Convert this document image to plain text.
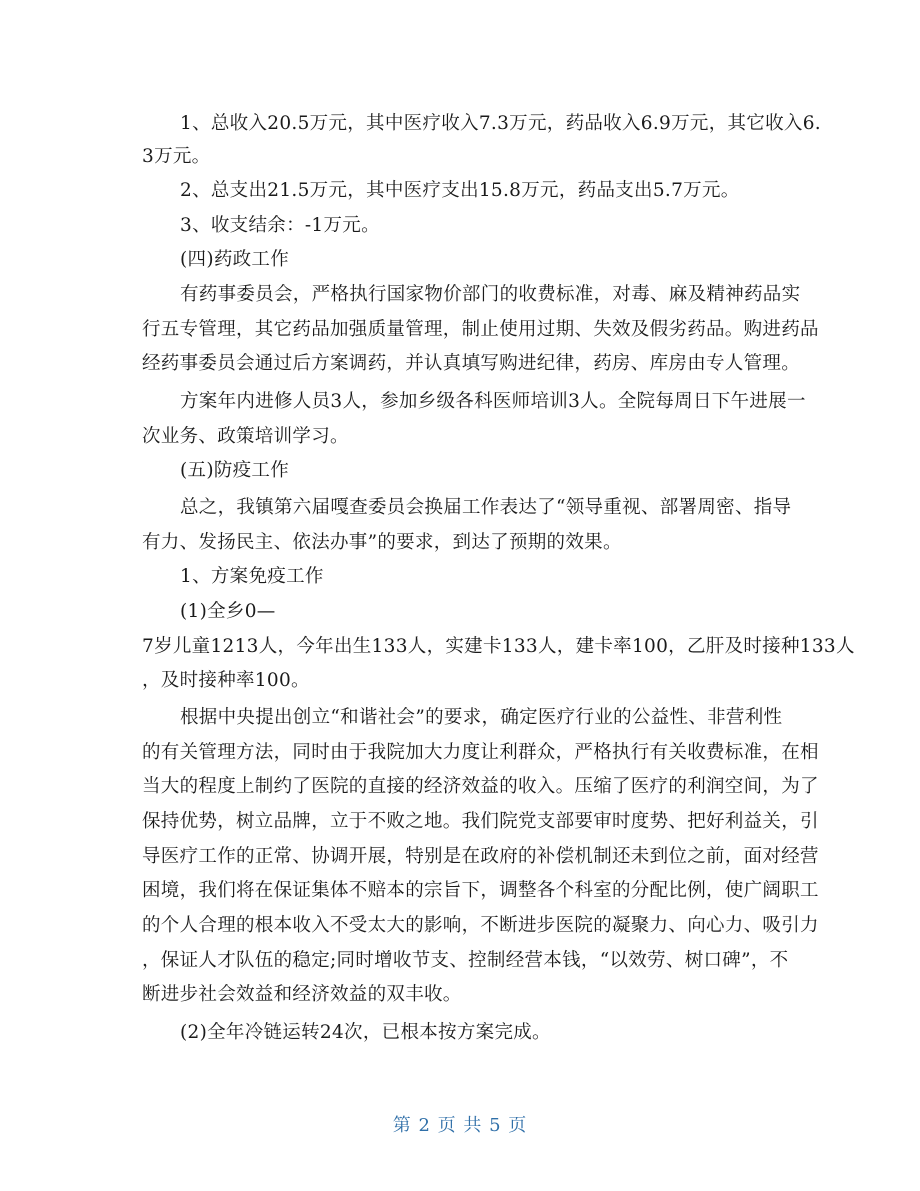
1、总收入20.5万元，其中医疗收入7.3万元，药品收入6.9万元，其它收入6.
3万元。
2、总支出21.5万元，其中医疗支出15.8万元，药品支出5.7万元。
3、收支结余：-1万元。
(四)药政工作
有药事委员会，严格执行国家物价部门的收费标准，对毒、麻及精神药品实
行五专管理，其它药品加强质量管理，制止使用过期、失效及假劣药品。购进药品
经药事委员会通过后方案调药，并认真填写购进纪律，药房、库房由专人管理。
方案年内进修人员3人，参加乡级各科医师培训3人。全院每周日下午进展一
次业务、政策培训学习。
(五)防疫工作
总之，我镇第六届嘎查委员会换届工作表达了“领导重视、部署周密、指导
有力、发扬民主、依法办事”的要求，到达了预期的效果。
1、方案免疫工作
(1)全乡0—
7岁儿童1213人，今年出生133人，实建卡133人，建卡率100，乙肝及时接种133人
，及时接种率100。
根据中央提出创立“和谐社会”的要求，确定医疗行业的公益性、非营利性
的有关管理方法，同时由于我院加大力度让利群众，严格执行有关收费标准，在相
当大的程度上制约了医院的直接的经济效益的收入。压缩了医疗的利润空间，为了
保持优势，树立品牌，立于不败之地。我们院党支部要审时度势、把好利益关，引
导医疗工作的正常、协调开展，特别是在政府的补偿机制还未到位之前，面对经营
困境，我们将在保证集体不赔本的宗旨下，调整各个科室的分配比例，使广阔职工
的个人合理的根本收入不受太大的影响，不断进步医院的凝聚力、向心力、吸引力
，保证人才队伍的稳定;同时增收节支、控制经营本钱，“以效劳、树口碑”，不
断进步社会效益和经济效益的双丰收。
(2)全年冷链运转24次，已根本按方案完成。
第 2 页 共 5 页
